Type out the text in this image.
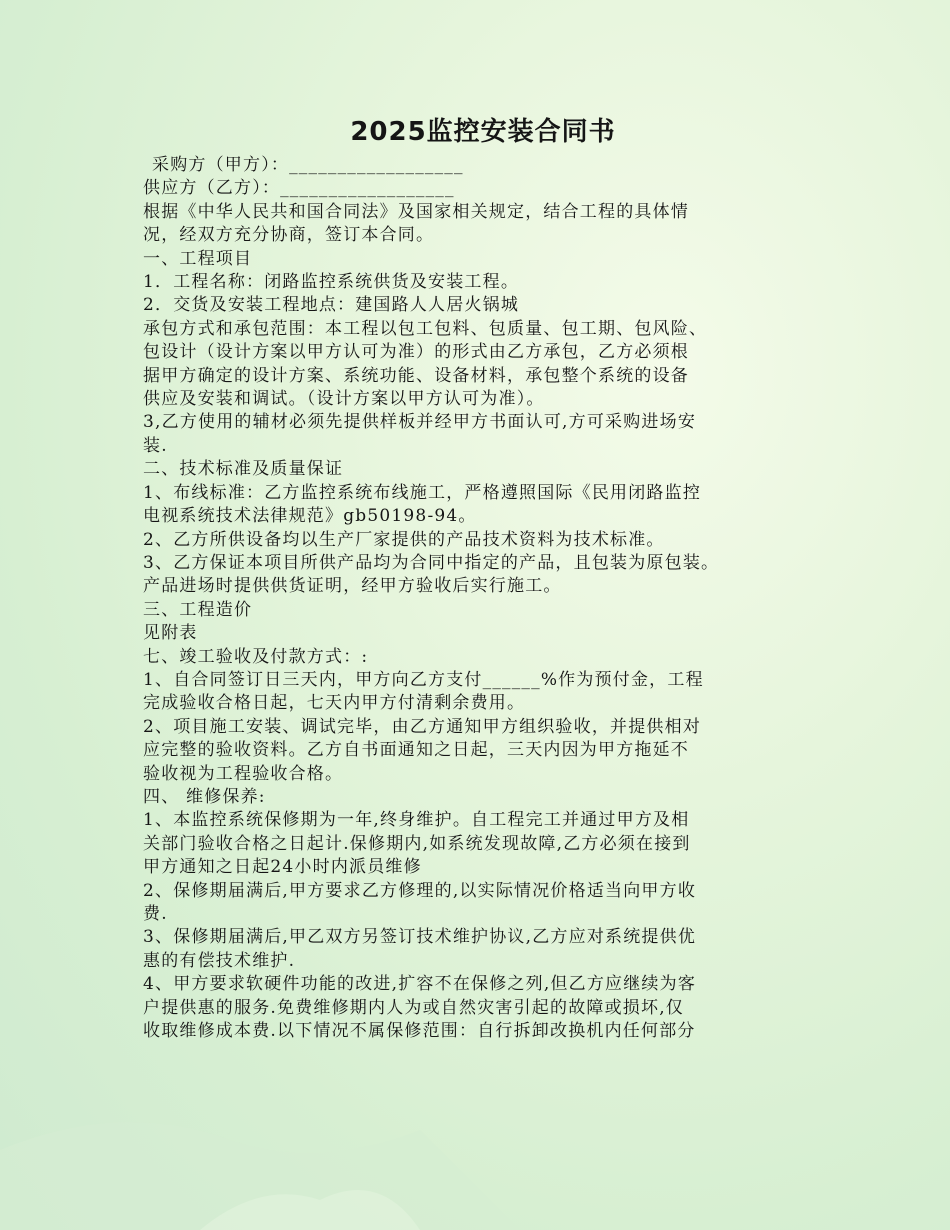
2025监控安装合同书
采购方（甲方）：__________________
供应方（乙方）：__________________
根据《中华人民共和国合同法》及国家相关规定，结合工程的具体情
况，经双方充分协商，签订本合同。
一、工程项目
1．工程名称：闭路监控系统供货及安装工程。
2．交货及安装工程地点：建国路人人居火锅城
承包方式和承包范围：本工程以包工包料、包质量、包工期、包风险、
包设计（设计方案以甲方认可为准）的形式由乙方承包，乙方必须根
据甲方确定的设计方案、系统功能、设备材料，承包整个系统的设备
供应及安装和调试。（设计方案以甲方认可为准）。
3,乙方使用的辅材必须先提供样板并经甲方书面认可,方可采购进场安
装.
二、技术标准及质量保证
1、布线标准：乙方监控系统布线施工，严格遵照国际《民用闭路监控
电视系统技术法律规范》gb50198-94。
2、乙方所供设备均以生产厂家提供的产品技术资料为技术标准。
3、乙方保证本项目所供产品均为合同中指定的产品，且包装为原包装。
产品进场时提供供货证明，经甲方验收后实行施工。
三、工程造价
见附表
七、竣工验收及付款方式：:
1、自合同签订日三天内，甲方向乙方支付______%作为预付金，工程
完成验收合格日起，七天内甲方付清剩余费用。
2、项目施工安装、调试完毕，由乙方通知甲方组织验收，并提供相对
应完整的验收资料。乙方自书面通知之日起，三天内因为甲方拖延不
验收视为工程验收合格。
四、 维修保养:
1、本监控系统保修期为一年,终身维护。自工程完工并通过甲方及相
关部门验收合格之日起计.保修期内,如系统发现故障,乙方必须在接到
甲方通知之日起24小时内派员维修
2、保修期届满后,甲方要求乙方修理的,以实际情况价格适当向甲方收
费.
3、保修期届满后,甲乙双方另签订技术维护协议,乙方应对系统提供优
惠的有偿技术维护.
4、甲方要求软硬件功能的改进,扩容不在保修之列,但乙方应继续为客
户提供惠的服务.免费维修期内人为或自然灾害引起的故障或损坏,仅
收取维修成本费.以下情况不属保修范围：自行拆卸改换机内任何部分
